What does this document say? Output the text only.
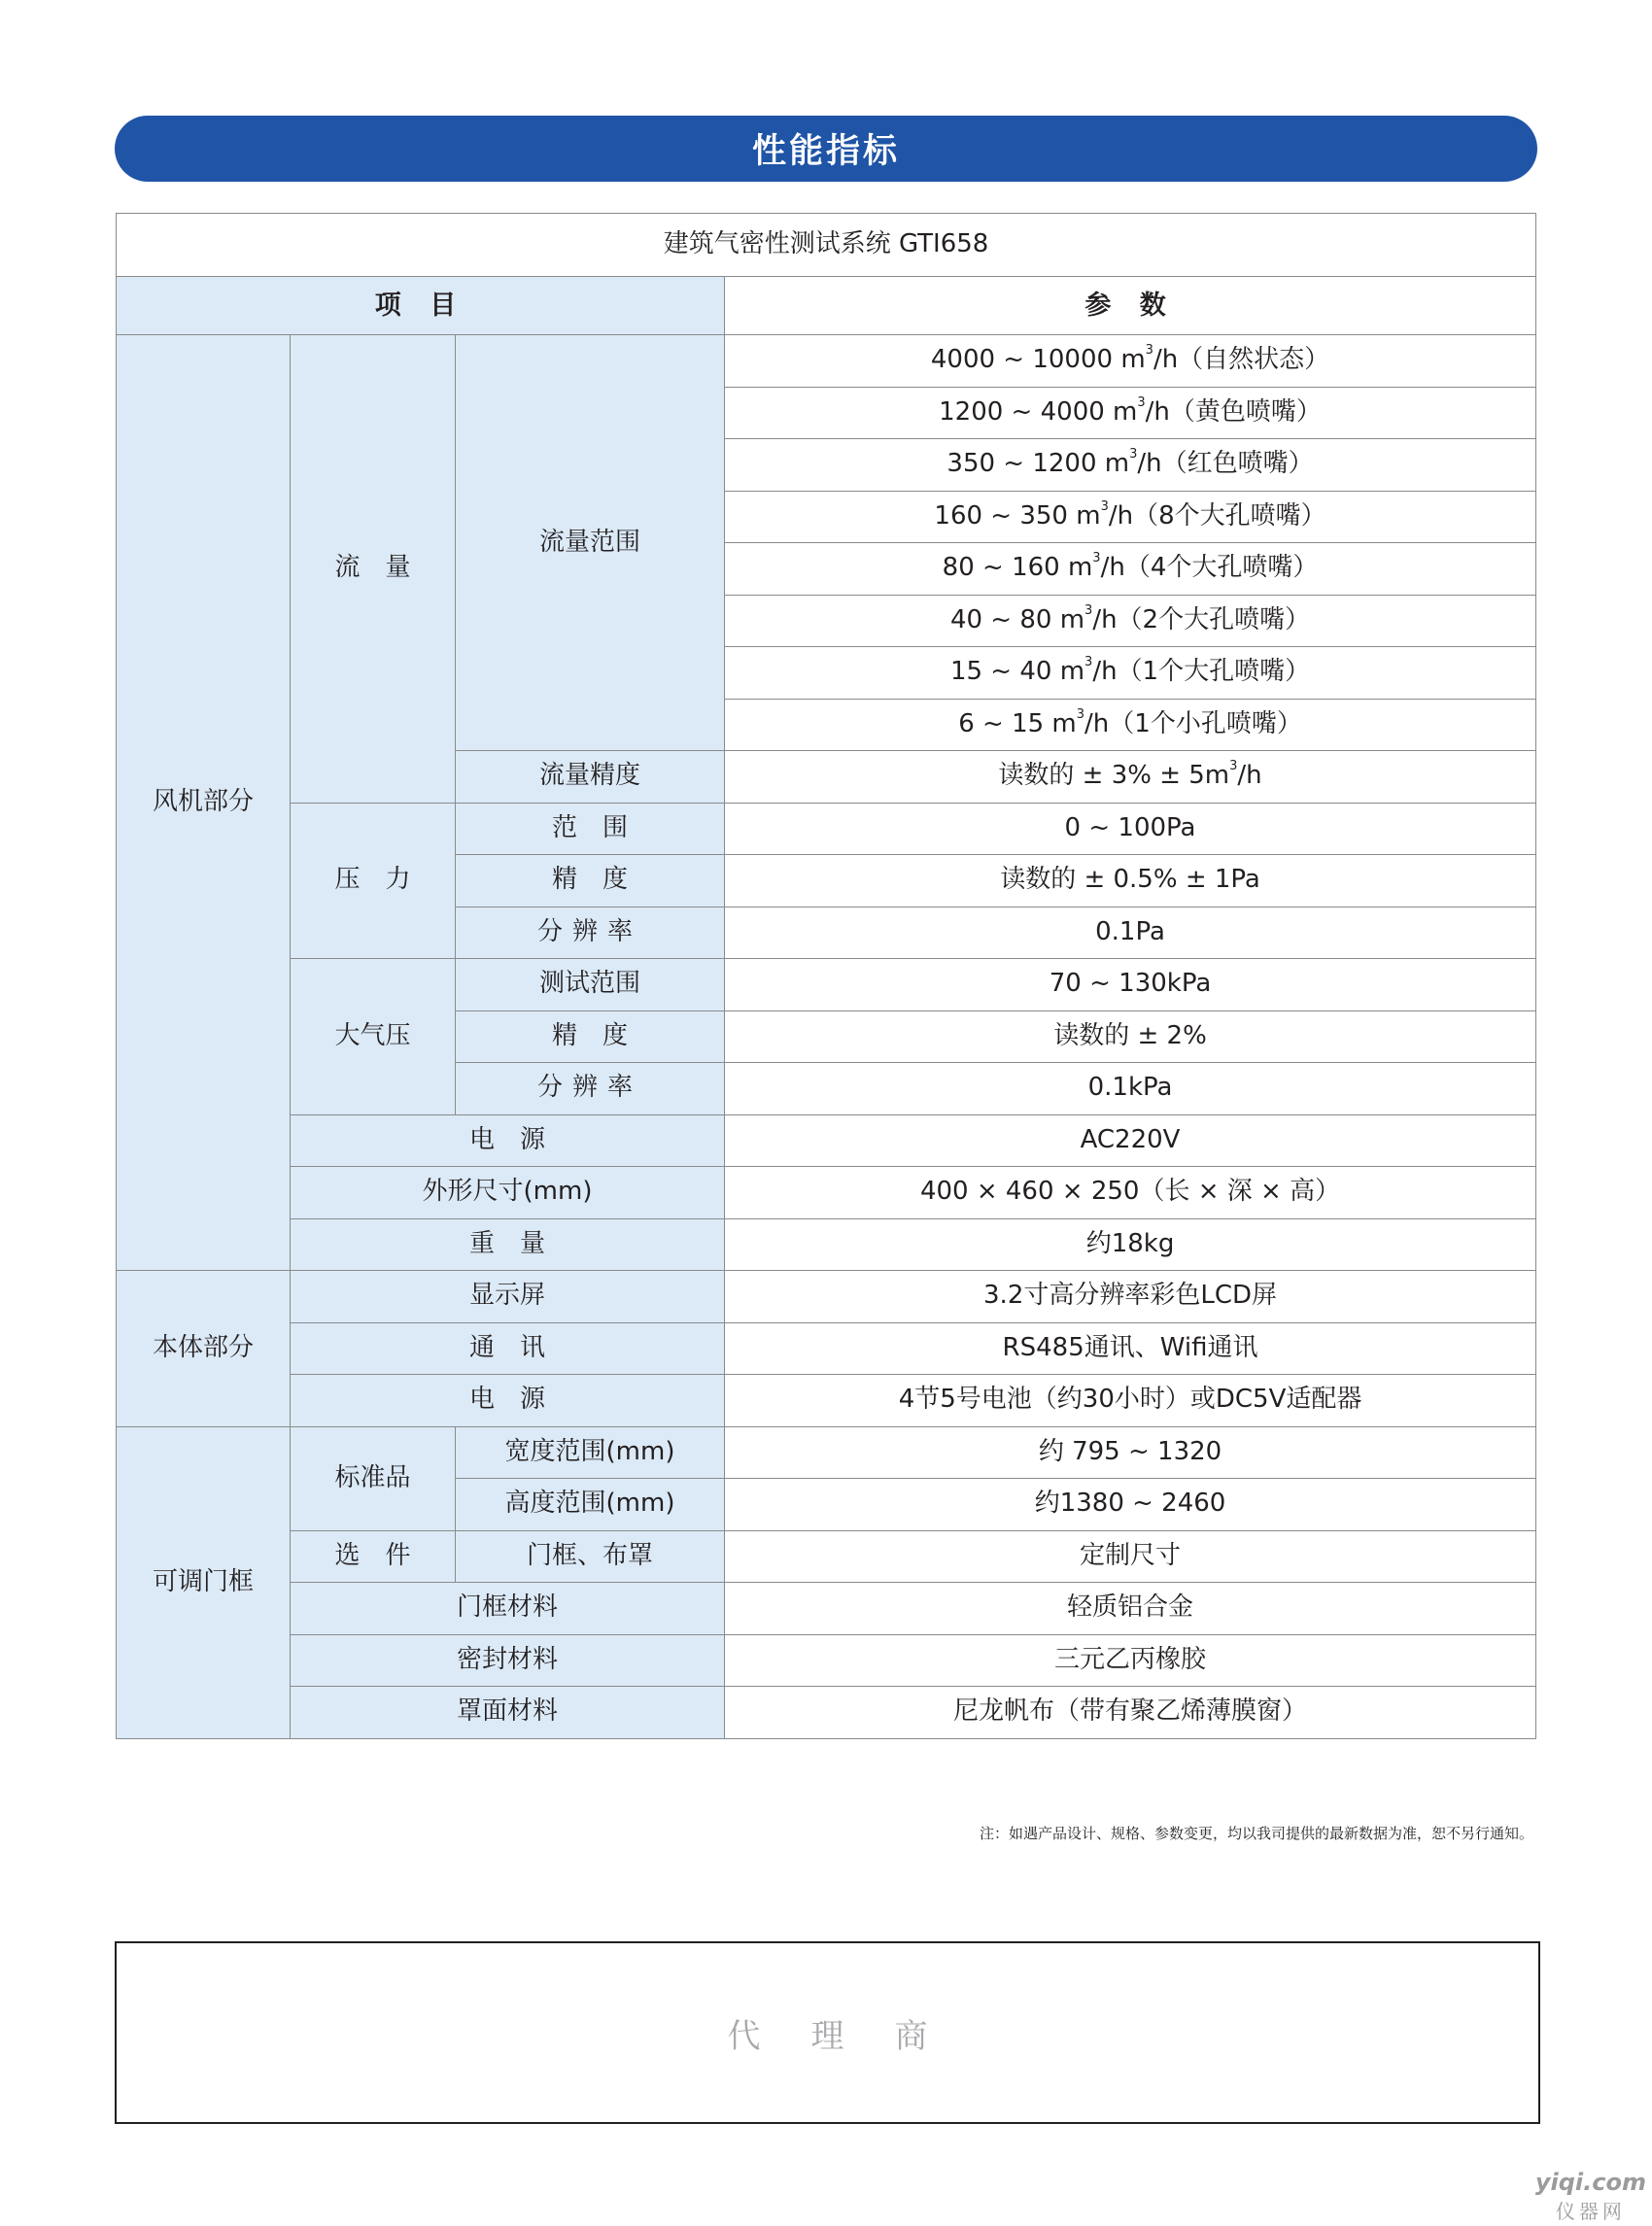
性能指标
建筑气密性测试系统 GTI658			
项 目			参 数
风机部分	流　量	流量范围	4000 ~ 10000 $m^3/h$（自然状态）
			1200 ~ 4000 $m^3/h$（黄色喷嘴）
			350 ~ 1200 $m^3/h$（红色喷嘴）
			160 ~ 350 $m^3/h(8$个大孔喷嘴）
			80 ~ 160 $m^3/h(4$个大孔喷嘴）
			40 ~ 80 $m^3/h(2$个大孔喷嘴）
			15 ~ 40 $m^3/h(1$个大孔喷嘴）
			6 ~ 15 $m^3/h(1$个小孔喷嘴）
		流量精度	读数的 ± $3\% \pm 5m^3/h$
	压　力	范　围	0 ~ 100Pa
		精　度	读数的 ± 0.5% ± 1Pa
		分辨率	0.1Pa
	大气压	测试范围	70 ~ 130kPa
		精　度	读数的 ± 2%
		分辨率	0.1kPa
	电　源		AC220V
	外形尺寸(mm)		400 × 460 × 250（长 × 深 × 高）
	重　量		约18kg
本体部分	显示屏		3.2寸高分辨率彩色LCD屏
	通　讯		RS485通讯、Wifi通讯
	电　源		4节5号电池（约30小时）或DC5V适配器
可调门框	标准品	宽度范围(mm)	约 795 ~ 1320
		高度范围(mm)	约1380 ~ 2460
	选　件	门框、布罩	定制尺寸
	门框材料		轻质铝合金
	密封材料		三元乙丙橡胶
	罩面材料		尼龙帆布（带有聚乙烯薄膜窗）
注：如遇产品设计、规格、参数变更，均以我司提供的最新数据为准，恕不另行通知。
代理商
yiqi.com
仪器网
